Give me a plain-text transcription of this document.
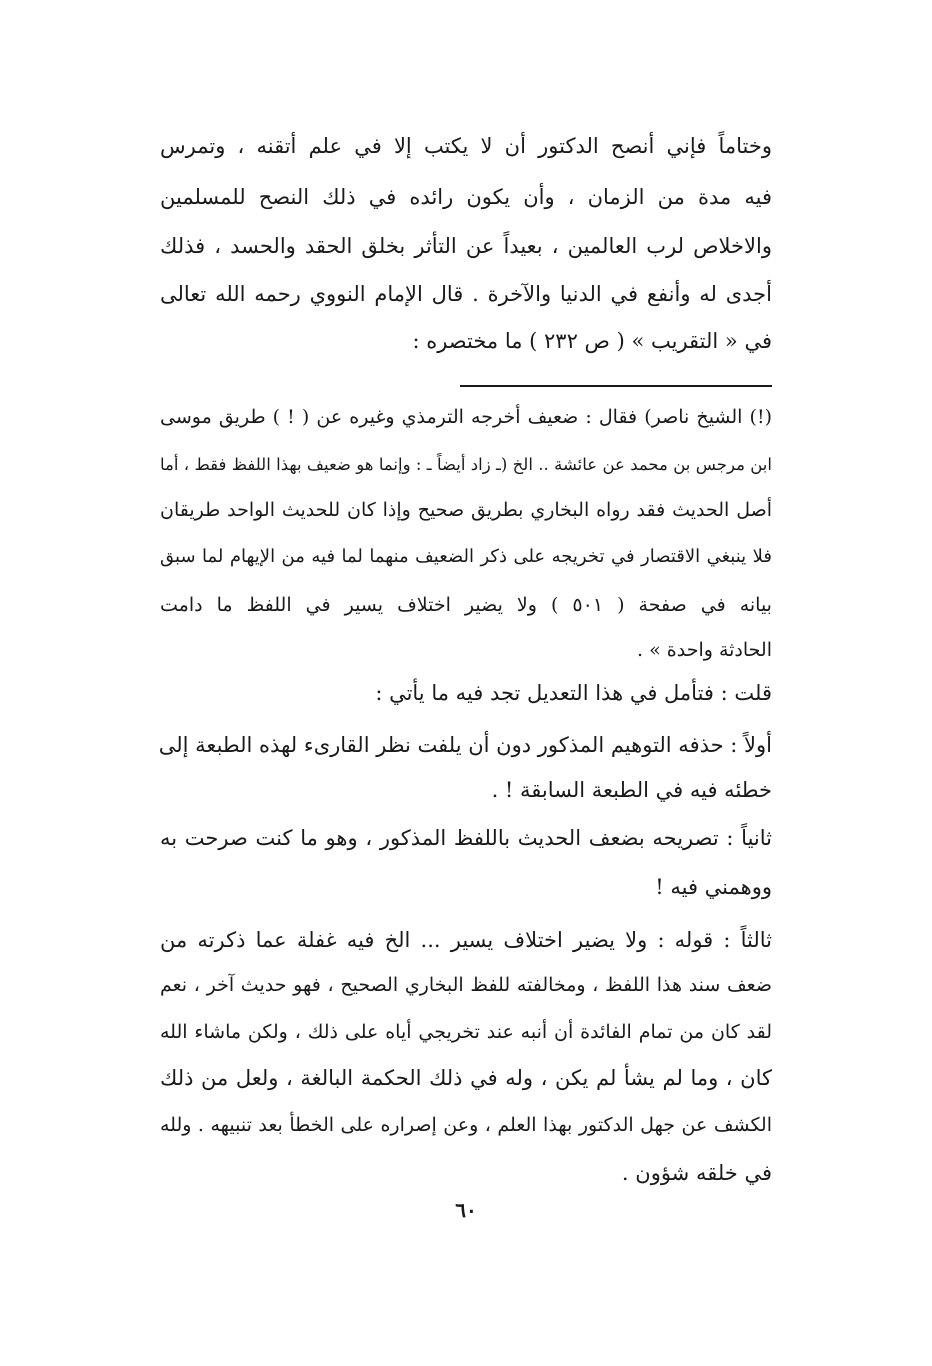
وختاماً فإني أنصح الدكتور أن لا يكتب إلا في علم أتقنه ، وتمرس
فيه مدة من الزمان ، وأن يكون رائده في ذلك النصح للمسلمين
والاخلاص لرب العالمين ، بعيداً عن التأثر بخلق الحقد والحسد ، فذلك
أجدى له وأنفع في الدنيا والآخرة . قال الإمام النووي رحمه الله تعالى
في « التقريب » ( ص ٢٣٢ ) ما مختصره :
(!) الشيخ ناصر) فقال : ضعيف أخرجه الترمذي وغيره عن ( ! ) طريق موسى
ابن مرجس بن محمد عن عائشة .. الخ (ـ زاد أيضاً ـ : وإنما هو ضعيف بهذا اللفظ فقط ، أما
أصل الحديث فقد رواه البخاري بطريق صحيح وإذا كان للحديث الواحد طريقان
فلا ينبغي الاقتصار في تخريجه على ذكر الضعيف منهما لما فيه من الإيهام لما سبق
بيانه في صفحة ( ٥٠١ ) ولا يضير اختلاف يسير في اللفظ ما دامت
الحادثة واحدة » .
قلت : فتأمل في هذا التعديل تجد فيه ما يأتي :
أولاً : حذفه التوهيم المذكور دون أن يلفت نظر القارىء لهذه الطبعة إلى
خطئه فيه في الطبعة السابقة ! .
ثانياً : تصريحه بضعف الحديث باللفظ المذكور ، وهو ما كنت صرحت به
ووهمني فيه !
ثالثاً : قوله : ولا يضير اختلاف يسير ... الخ فيه غفلة عما ذكرته من
ضعف سند هذا اللفظ ، ومخالفته للفظ البخاري الصحيح ، فهو حديث آخر ، نعم
لقد كان من تمام الفائدة أن أنبه عند تخريجي أياه على ذلك ، ولكن ماشاء الله
كان ، وما لم يشأ لم يكن ، وله في ذلك الحكمة البالغة ، ولعل من ذلك
الكشف عن جهل الدكتور بهذا العلم ، وعن إصراره على الخطأ بعد تنبيهه . ولله
في خلقه شؤون .
٦٠
